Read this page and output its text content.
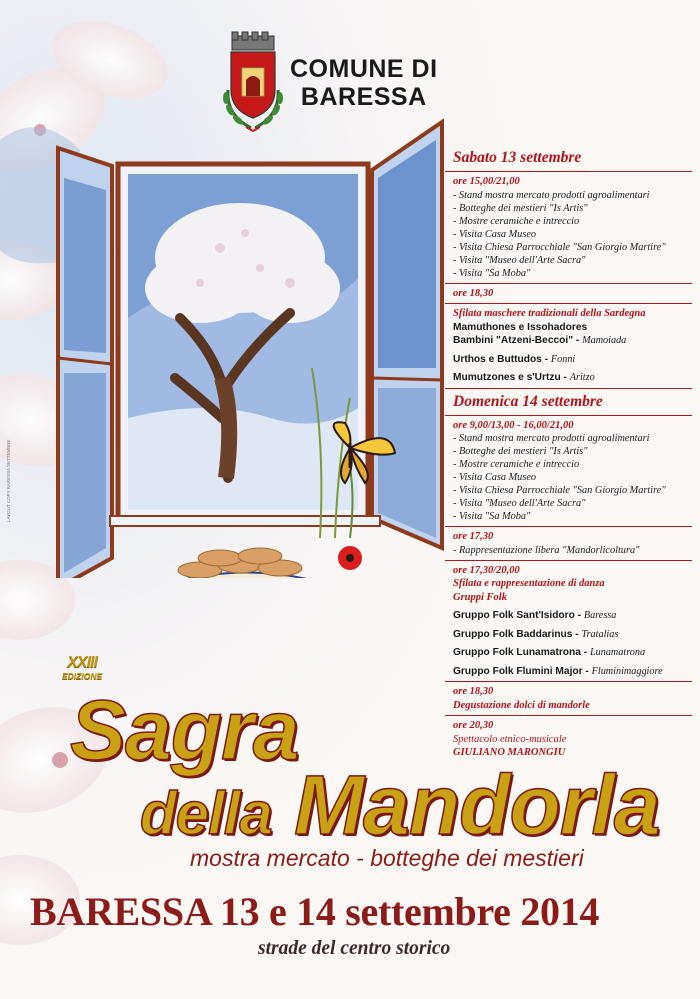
COMUNE DI
BARESSA
Sabato 13 settembre
ore 15,00/21,00
- Stand mostra mercato prodotti agroalimentari
- Botteghe dei mestieri "Is Artis"
- Mostre ceramiche e intreccio
- Visita Casa Museo
- Visita Chiesa Parrocchiale "San Giorgio Martire"
- Visita "Museo dell'Arte Sacra"
- Visita "Sa Moba"
ore 18,30
Sfilata maschere tradizionali della Sardegna
Mamuthones e Issohadores
Bambini "Atzeni-Beccoi" - Mamoiada
Urthos e Buttudos - Fonni
Mumutzones e s'Urtzu - Aritzo
Domenica 14 settembre
ore 9,00/13,00 - 16,00/21,00
- Stand mostra mercato prodotti agroalimentari
- Botteghe dei mestieri "Is Artis"
- Mostre ceramiche e intreccio
- Visita Casa Museo
- Visita Chiesa Parrocchiale "San Giorgio Martire"
- Visita "Museo dell'Arte Sacra"
- Visita "Sa Moba"
ore 17,30
- Rappresentazione libera "Mandorlicoltura"
ore 17,30/20,00
Sfilata e rappresentazione di danza
Gruppi Folk
Gruppo Folk Sant'Isidoro - Baressa
Gruppo Folk Baddarinus - Tratalias
Gruppo Folk Lunamatrona - Lunamatrona
Gruppo Folk Flumini Major - Fluminimaggiore
ore 18,30
Degustazione dolci di mandorle
ore 20,30
Spettacolo etnico-musicale
GIULIANO MARONGIU
XXIII
EDIZIONE
Sagra
della Mandorla
mostra mercato - botteghe dei mestieri
BARESSA 13 e 14 settembre 2014
strade del centro storico
LAYOUT COPY BARESSA SETTEMBRE
